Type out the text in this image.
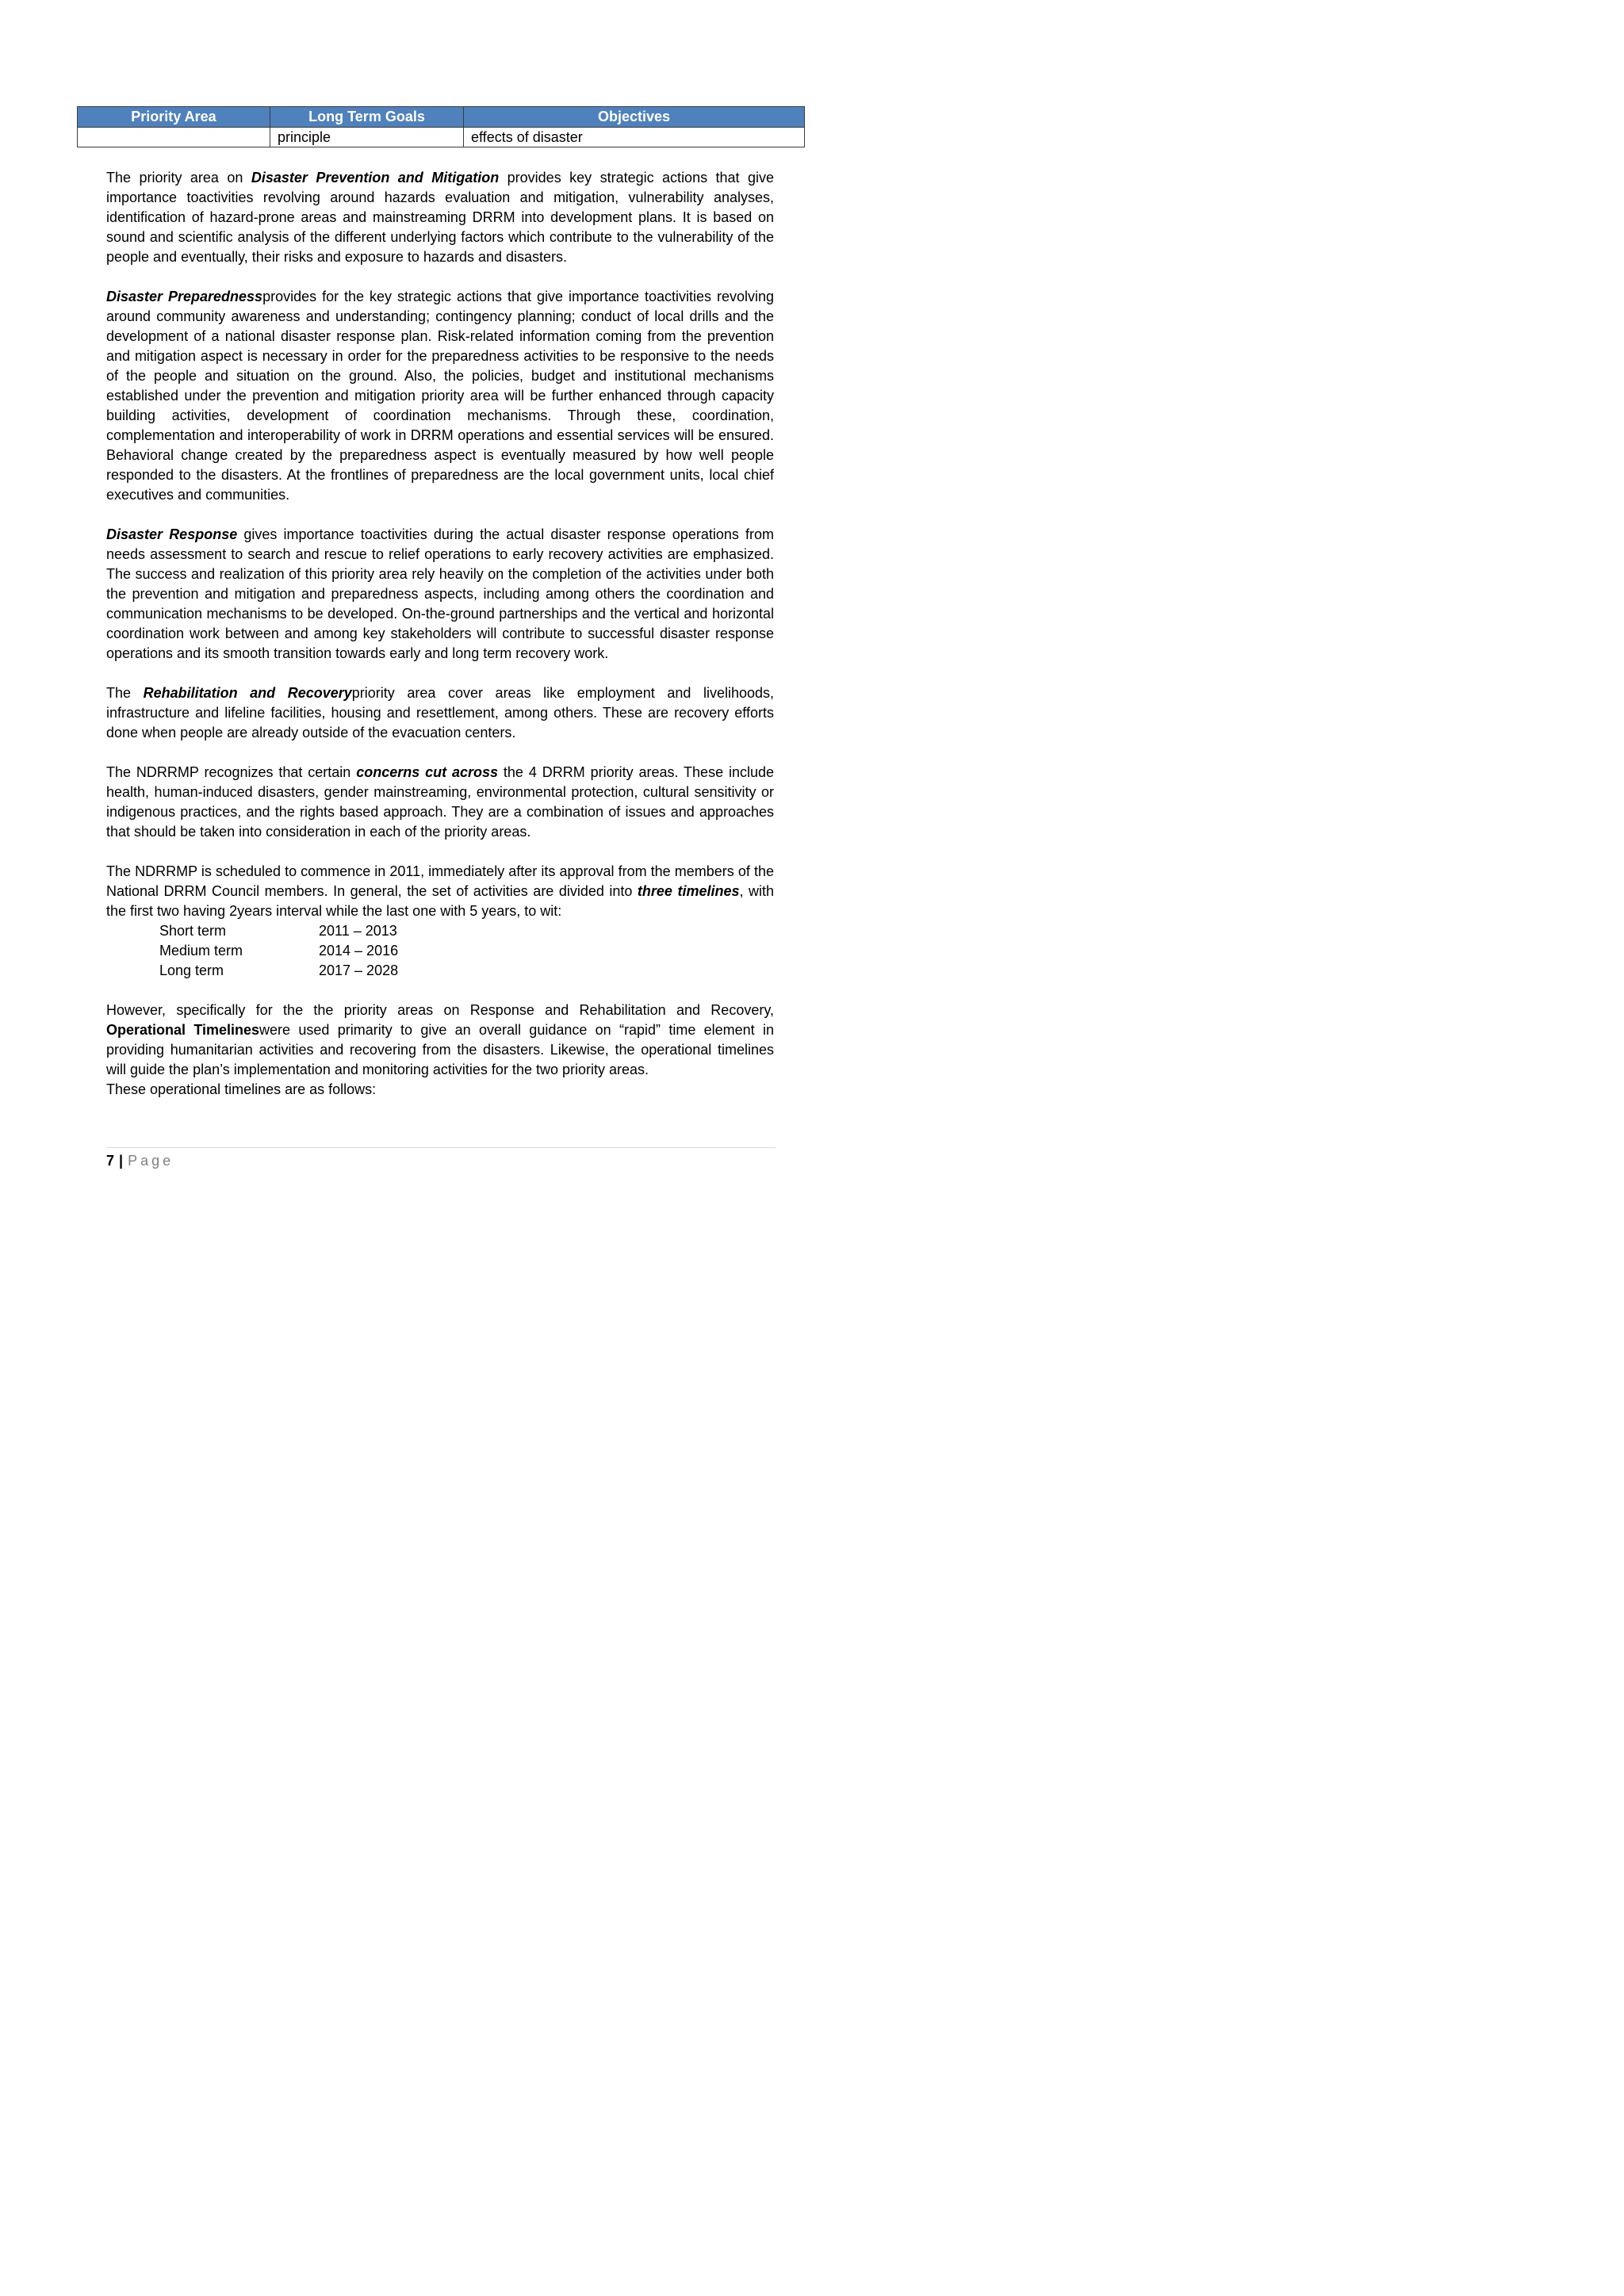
Priority Area	Long Term Goals	Objectives
	principle	effects of disaster

The priority area on Disaster Prevention and Mitigation provides key strategic actions that give importance toactivities revolving around hazards evaluation and mitigation, vulnerability analyses, identification of hazard-prone areas and mainstreaming DRRM into development plans. It is based on sound and scientific analysis of the different underlying factors which contribute to the vulnerability of the people and eventually, their risks and exposure to hazards and disasters.

Disaster Preparednessprovides for the key strategic actions that give importance toactivities revolving around community awareness and understanding; contingency planning; conduct of local drills and the development of a national disaster response plan. Risk-related information coming from the prevention and mitigation aspect is necessary in order for the preparedness activities to be responsive to the needs of the people and situation on the ground. Also, the policies, budget and institutional mechanisms established under the prevention and mitigation priority area will be further enhanced through capacity building activities, development of coordination mechanisms. Through these, coordination, complementation and interoperability of work in DRRM operations and essential services will be ensured. Behavioral change created by the preparedness aspect is eventually measured by how well people responded to the disasters. At the frontlines of preparedness are the local government units, local chief executives and communities.

Disaster Response gives importance toactivities during the actual disaster response operations from needs assessment to search and rescue to relief operations to early recovery activities are emphasized. The success and realization of this priority area rely heavily on the completion of the activities under both the prevention and mitigation and preparedness aspects, including among others the coordination and communication mechanisms to be developed. On-the-ground partnerships and the vertical and horizontal coordination work between and among key stakeholders will contribute to successful disaster response operations and its smooth transition towards early and long term recovery work.

The Rehabilitation and Recoverypriority area cover areas like employment and livelihoods, infrastructure and lifeline facilities, housing and resettlement, among others. These are recovery efforts done when people are already outside of the evacuation centers.

The NDRRMP recognizes that certain concerns cut across the 4 DRRM priority areas. These include health, human-induced disasters, gender mainstreaming, environmental protection, cultural sensitivity or indigenous practices, and the rights based approach. They are a combination of issues and approaches that should be taken into consideration in each of the priority areas.

The NDRRMP is scheduled to commence in 2011, immediately after its approval from the members of the National DRRM Council members. In general, the set of activities are divided into three timelines, with the first two having 2years interval while the last one with 5 years, to wit:

Short term	2011 – 2013
Medium term	2014 – 2016
Long term	2017 – 2028

However, specifically for the the priority areas on Response and Rehabilitation and Recovery, Operational Timelineswere used primarity to give an overall guidance on “rapid” time element in providing humanitarian activities and recovering from the disasters. Likewise, the operational timelines will guide the plan’s implementation and monitoring activities for the two priority areas.

These operational timelines are as follows:

7 | Page
